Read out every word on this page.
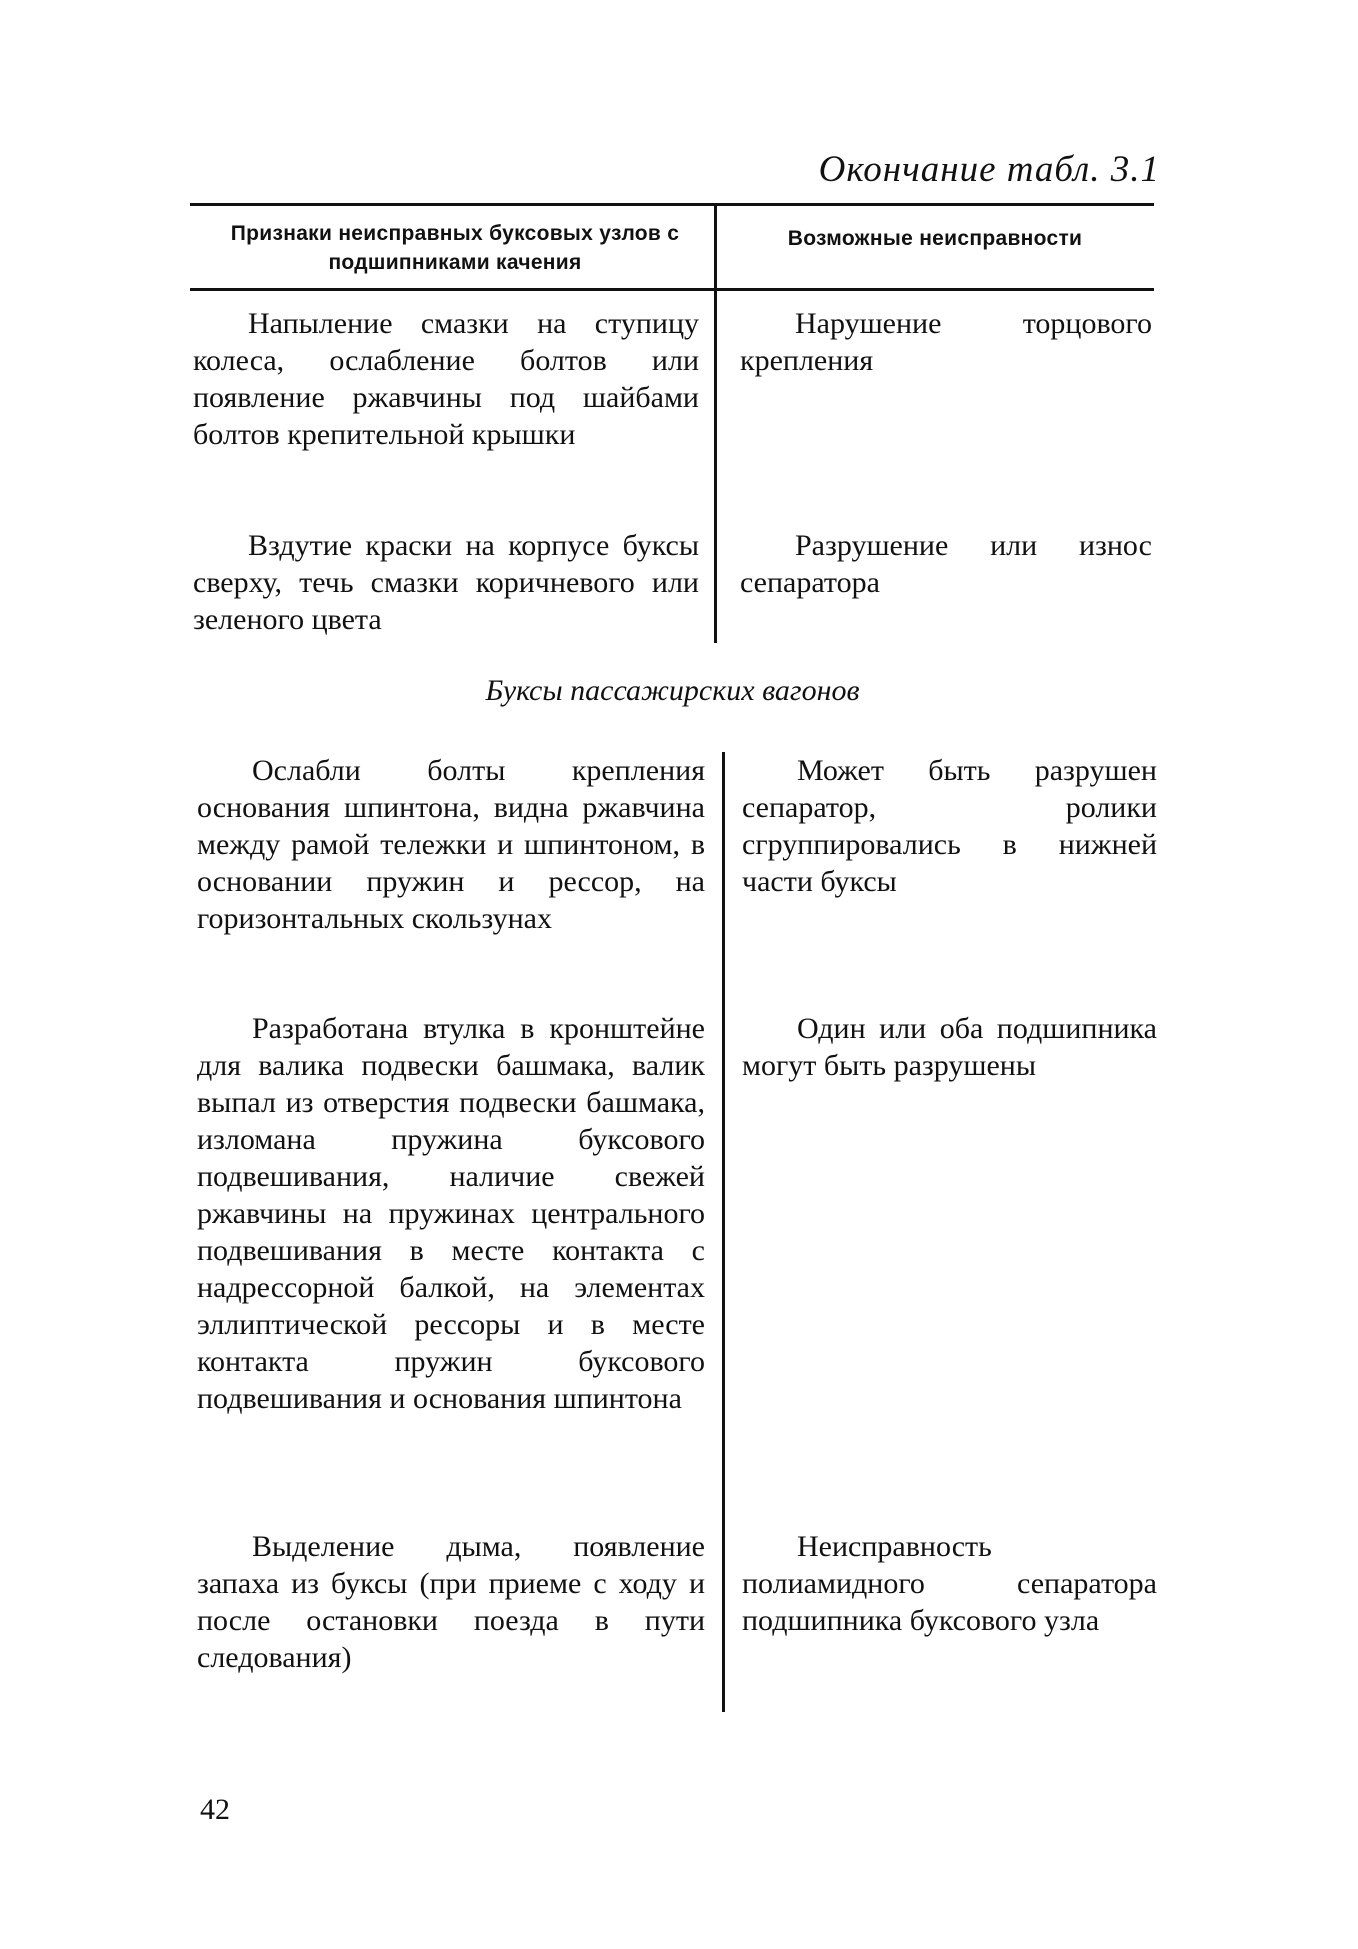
Окончание табл. 3.1
Признаки неисправных буксовых узлов с подшипниками качения
Возможные неисправности
Напыление смазки на ступицу колеса, ослабление болтов или появление ржавчины под шайбами болтов крепительной крышки
Нарушение торцового крепления
Вздутие краски на корпусе буксы сверху, течь смазки коричневого или зеленого цвета
Разрушение или износ сепаратора
Буксы пассажирских вагонов
Ослабли болты крепления основания шпинтона, видна ржавчина между рамой тележки и шпинтоном, в основании пружин и рессор, на горизонтальных скользунах
Может быть разрушен сепаратор, ролики сгруппировались в нижней части буксы
Разработана втулка в кронштейне для валика подвески башмака, валик выпал из отверстия подвески башмака, изломана пружина буксового подвешивания, наличие свежей ржавчины на пружинах центрального подвешивания в месте контакта с надрессорной балкой, на элементах эллиптической рессоры и в месте контакта пружин буксового подвешивания и основания шпинтона
Один или оба подшипника могут быть разрушены
Выделение дыма, появление запаха из буксы (при приеме с ходу и после остановки поезда в пути следования)
Неисправность полиамидного сепаратора подшипника буксового узла
42
